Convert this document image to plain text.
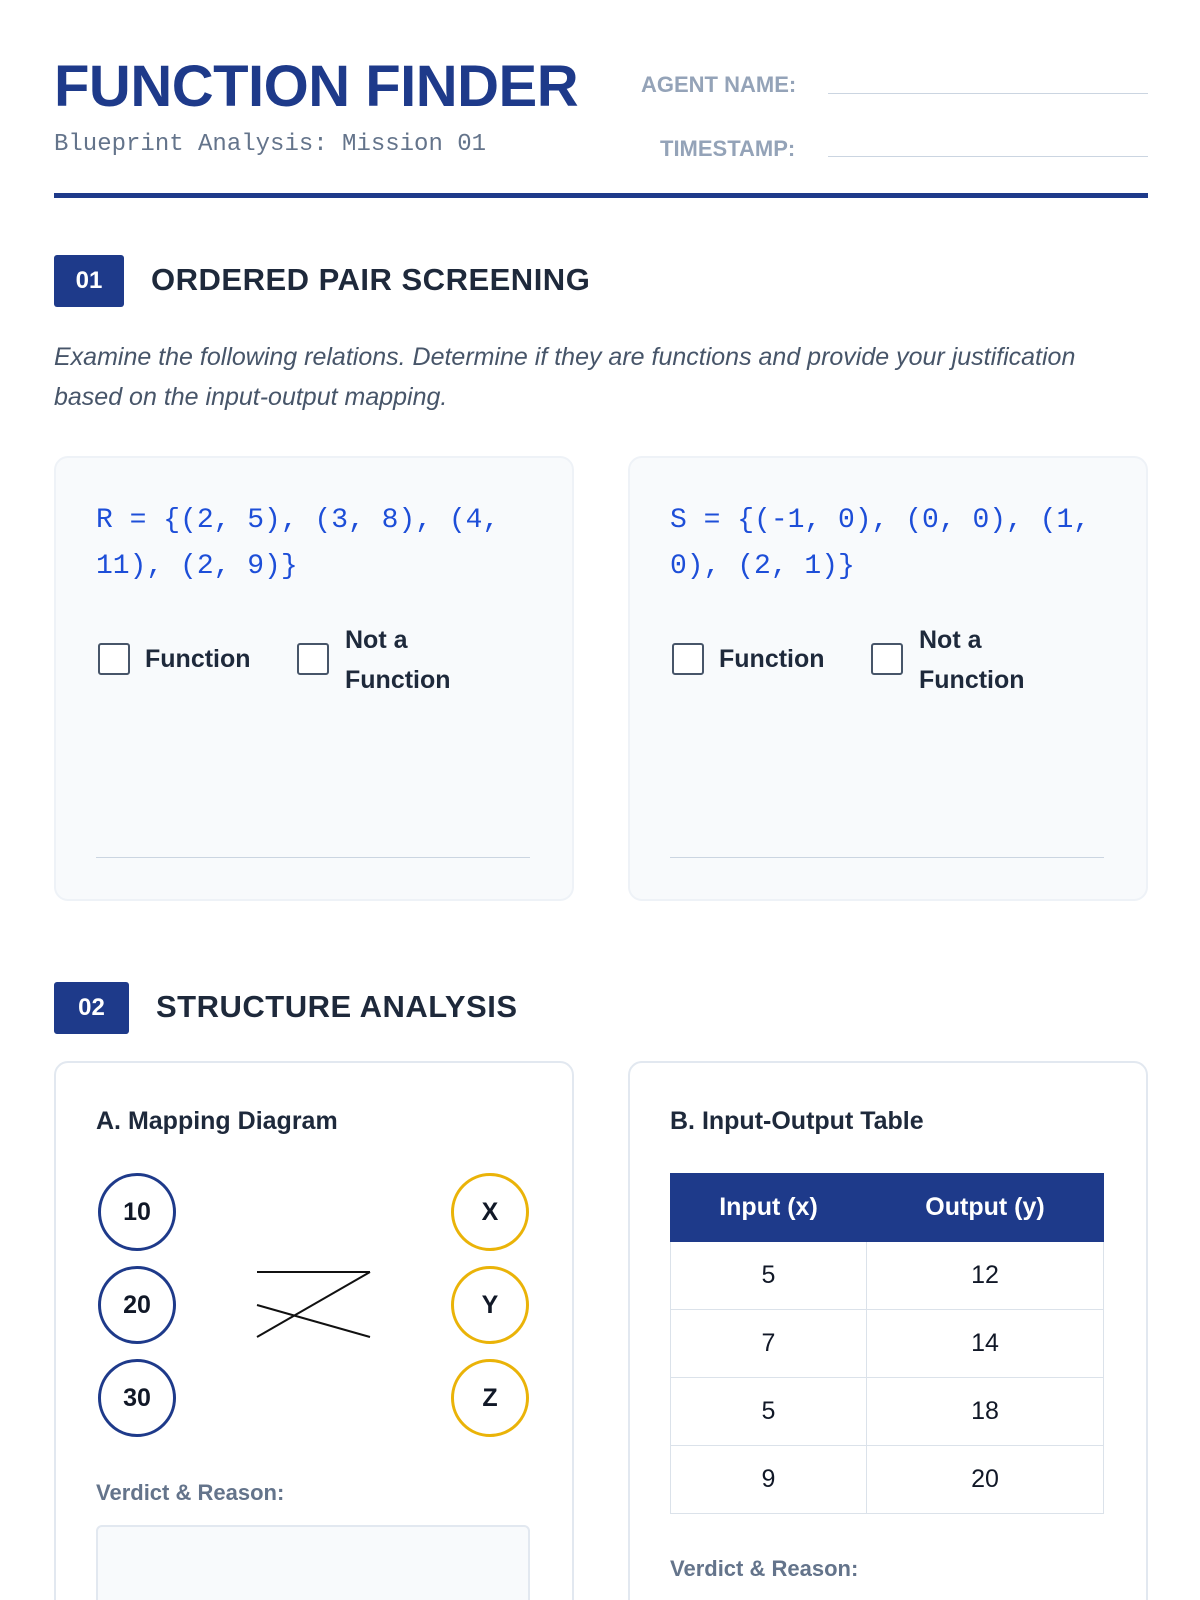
FUNCTION FINDER
Blueprint Analysis: Mission 01
AGENT NAME:
TIMESTAMP:
01	ORDERED PAIR SCREENING
Examine the following relations. Determine if they are functions and provide your justification based on the input-output mapping.
R = {(2, 5), (3, 8), (4, 11), (2, 9)}
Function
Not a Function
S = {(-1, 0), (0, 0), (1, 0), (2, 1)}
Function
Not a Function
02	STRUCTURE ANALYSIS
A. Mapping Diagram
10
20
30
X
Y
Z
Verdict & Reason:
B. Input-Output Table
Input (x)	Output (y)
5	12
7	14
5	18
9	20
Verdict & Reason:
